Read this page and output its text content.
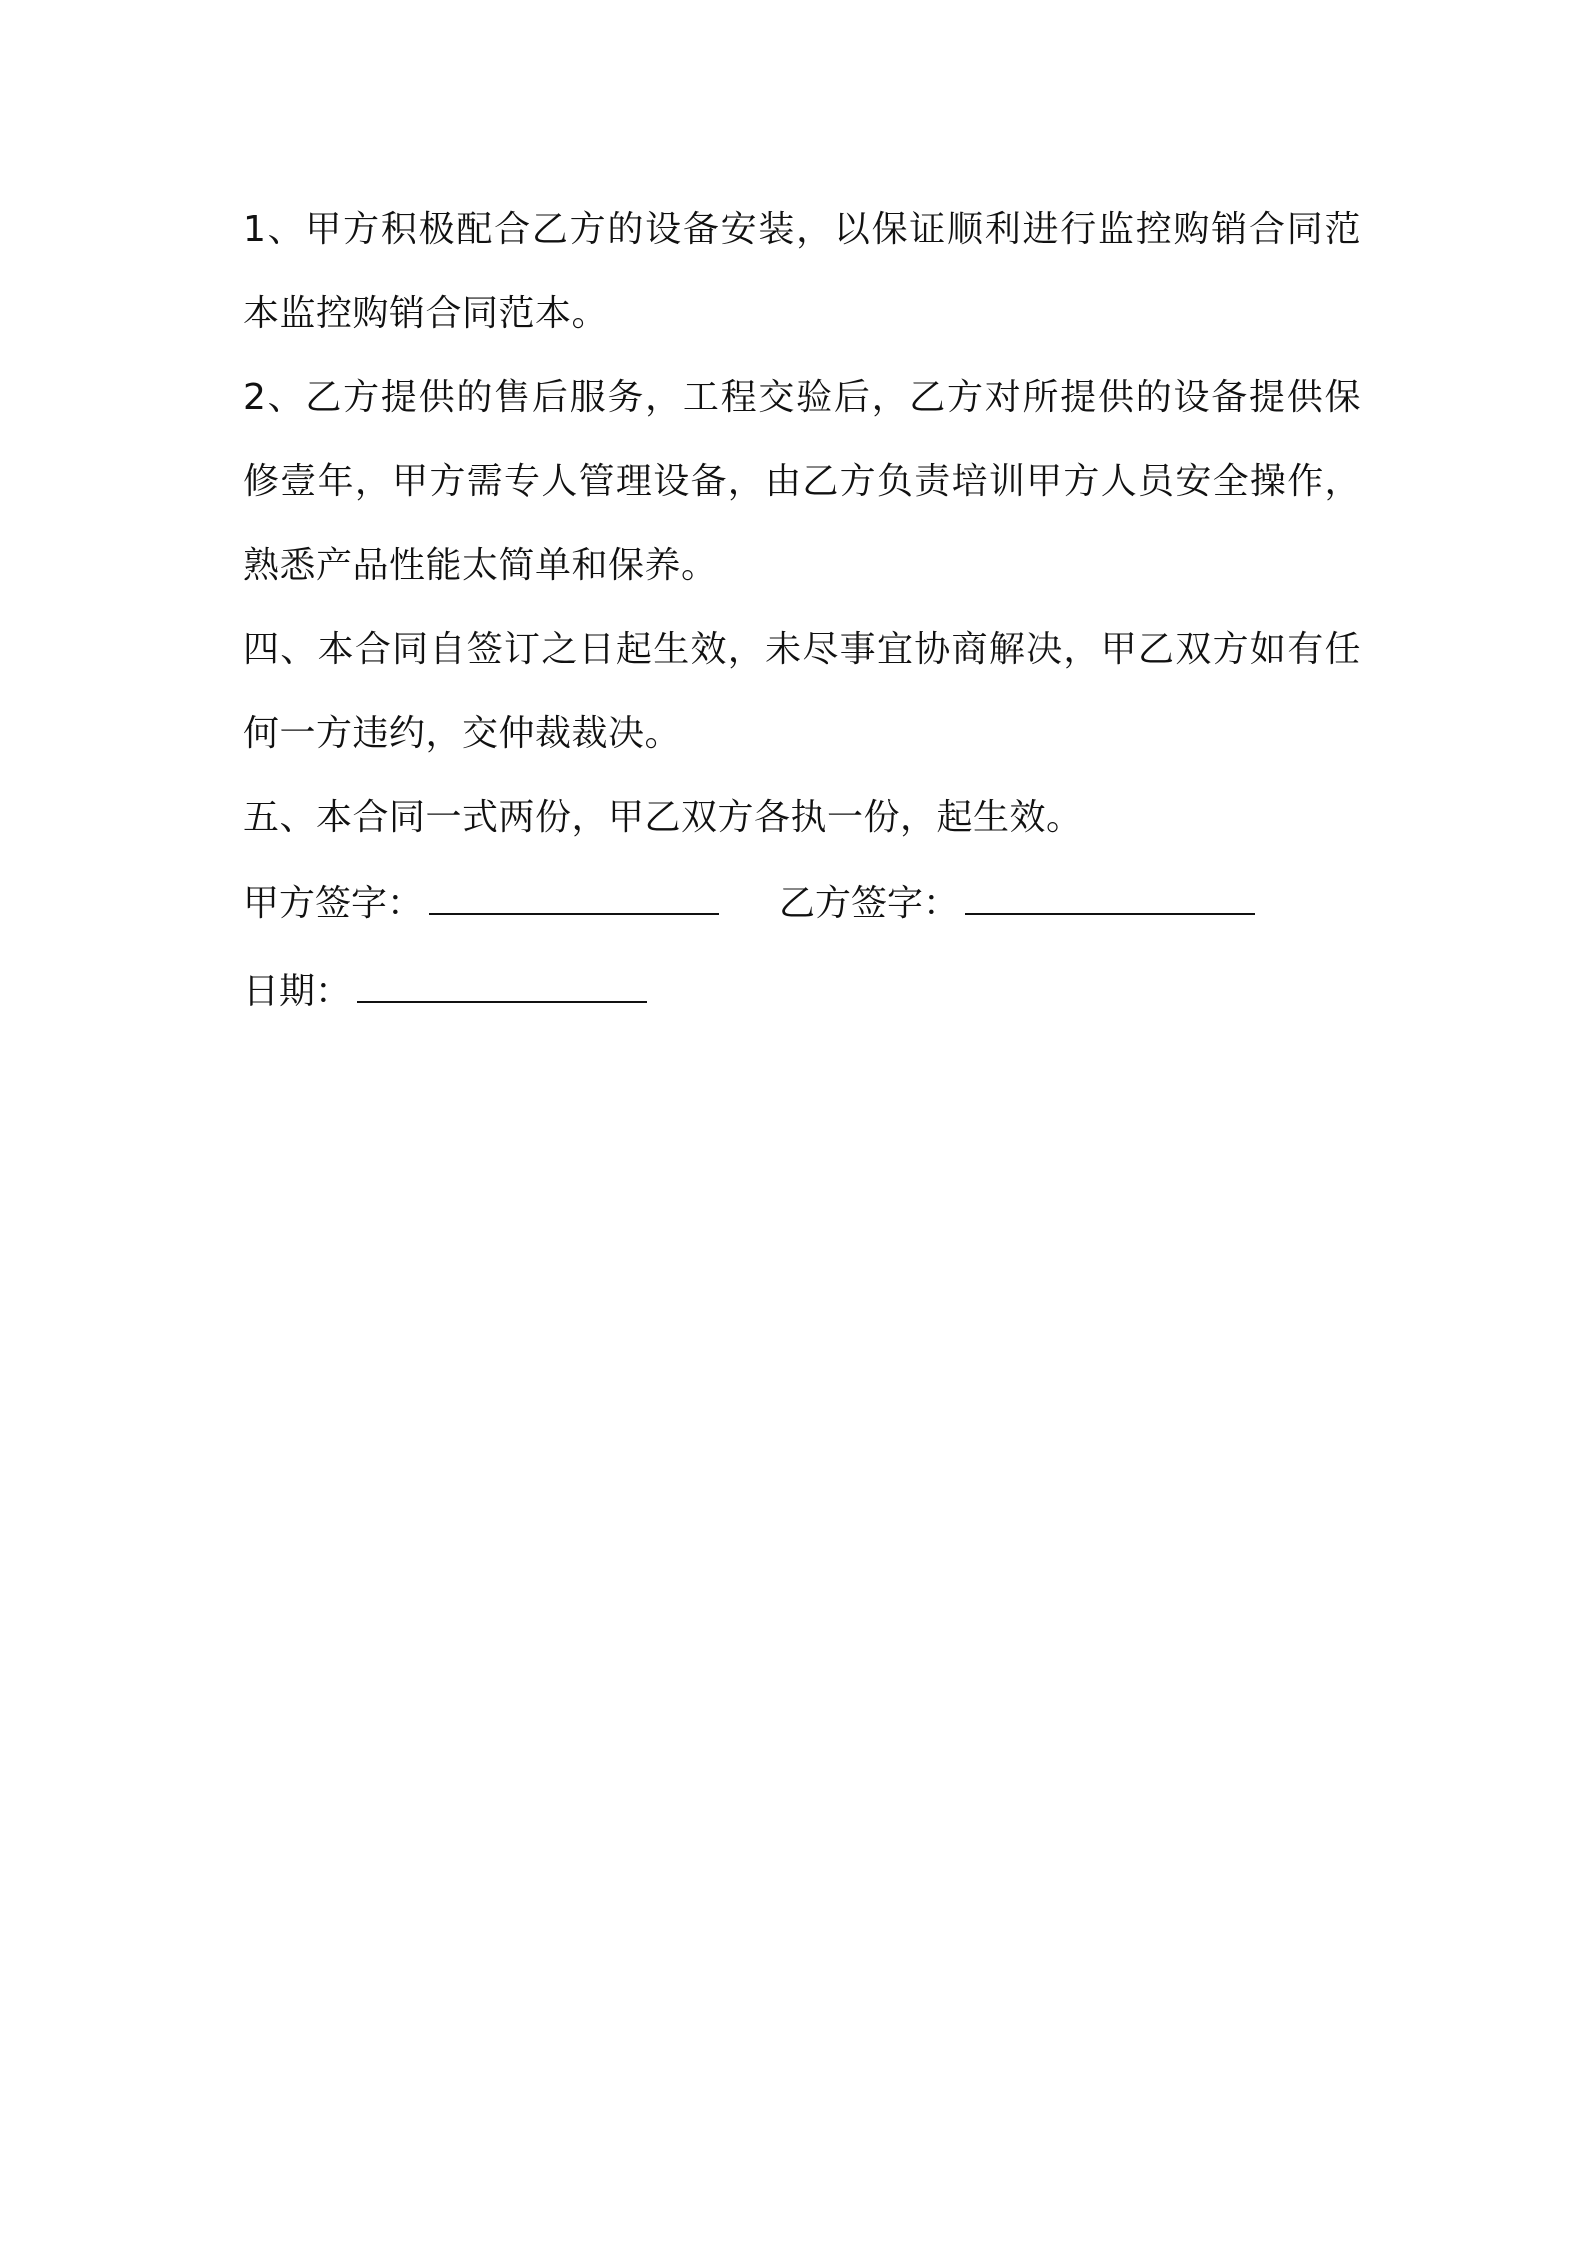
1、甲方积极配合乙方的设备安装，以保证顺利进行监控购销合同范本监控购销合同范本。

2、乙方提供的售后服务，工程交验后，乙方对所提供的设备提供保修壹年，甲方需专人管理设备，由乙方负责培训甲方人员安全操作，熟悉产品性能太简单和保养。

四、本合同自签订之日起生效，未尽事宜协商解决，甲乙双方如有任何一方违约，交仲裁裁决。

五、本合同一式两份，甲乙双方各执一份，起生效。

甲方签字：	乙方签字：
日期：
